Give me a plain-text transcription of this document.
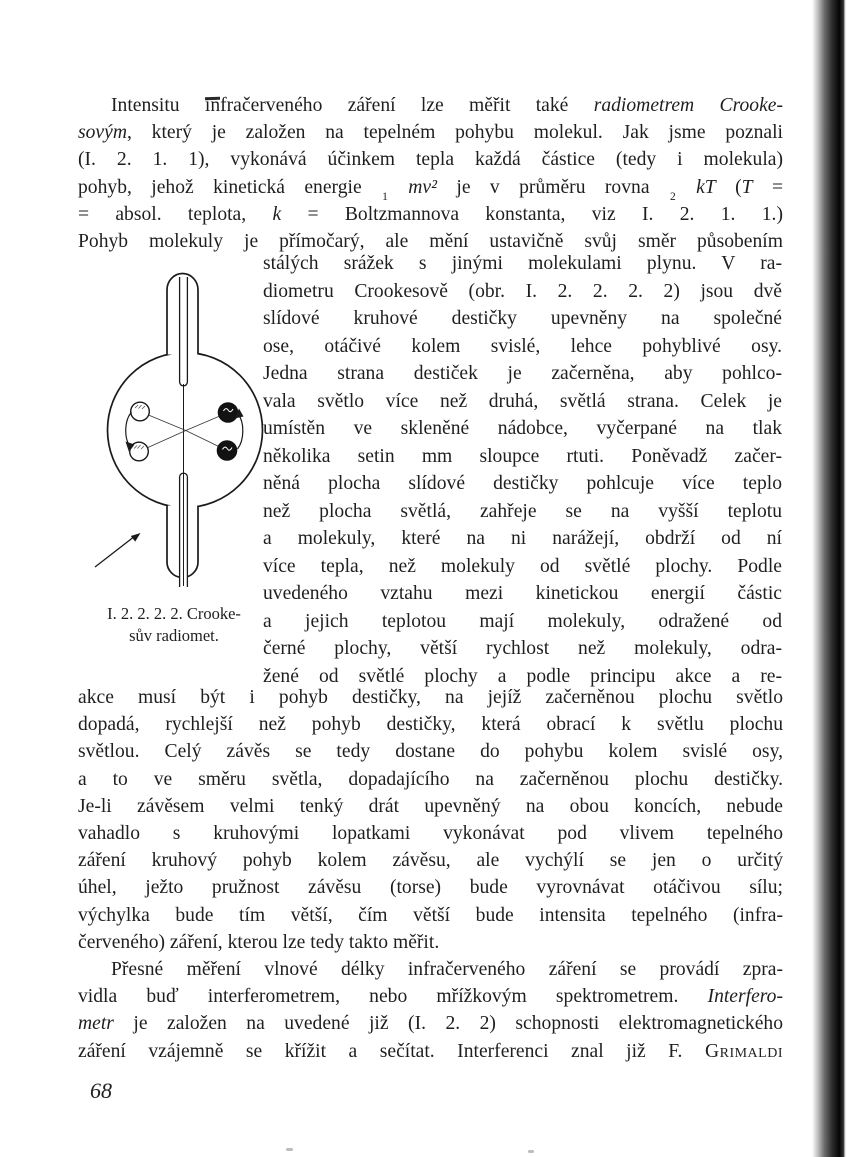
Intensitu infračerveného záření lze měřit také radiometrem Crooke-
sovým, který je založen na tepelném pohybu molekul. Jak jsme poznali
(I. 2. 1. 1), vykonává účinkem tepla každá částice (tedy i molekula)
pohyb, jehož kinetická energie 1 mv² je v průměru rovna 2 kT (T =
= absol. teplota, k = Boltzmannova konstanta, viz I. 2. 1. 1.)
Pohyb molekuly je přímočarý, ale mění ustavičně svůj směr působením
I. 2. 2. 2. 2. Crooke-
sův radiomet.
stálých srážek s jinými molekulami plynu. V ra-
diometru Crookesově (obr. I. 2. 2. 2. 2) jsou dvě
slídové kruhové destičky upevněny na společné
ose, otáčivé kolem svislé, lehce pohyblivé osy.
Jedna strana destiček je začerněna, aby pohlco-
vala světlo více než druhá, světlá strana. Celek je
umístěn ve skleněné nádobce, vyčerpané na tlak
několika setin mm sloupce rtuti. Poněvadž začer-
něná plocha slídové destičky pohlcuje více teplo
než plocha světlá, zahřeje se na vyšší teplotu
a molekuly, které na ni narážejí, obdrží od ní
více tepla, než molekuly od světlé plochy. Podle
uvedeného vztahu mezi kinetickou energií částic
a jejich teplotou mají molekuly, odražené od
černé plochy, větší rychlost než molekuly, odra-
žené od světlé plochy a podle principu akce a re-
akce musí být i pohyb destičky, na jejíž začerněnou plochu světlo
dopadá, rychlejší než pohyb destičky, která obrací k světlu plochu
světlou. Celý závěs se tedy dostane do pohybu kolem svislé osy,
a to ve směru světla, dopadajícího na začerněnou plochu destičky.
Je-li závěsem velmi tenký drát upevněný na obou koncích, nebude
vahadlo s kruhovými lopatkami vykonávat pod vlivem tepelného
záření kruhový pohyb kolem závěsu, ale vychýlí se jen o určitý
úhel, ježto pružnost závěsu (torse) bude vyrovnávat otáčivou sílu;
výchylka bude tím větší, čím větší bude intensita tepelného (infra-
červeného) záření, kterou lze tedy takto měřit.
Přesné měření vlnové délky infračerveného záření se provádí zpra-
vidla buď interferometrem, nebo mřížkovým spektrometrem. Interfero-
metr je založen na uvedené již (I. 2. 2) schopnosti elektromagnetického
záření vzájemně se křížit a sečítat. Interferenci znal již F. Grimaldi
68
